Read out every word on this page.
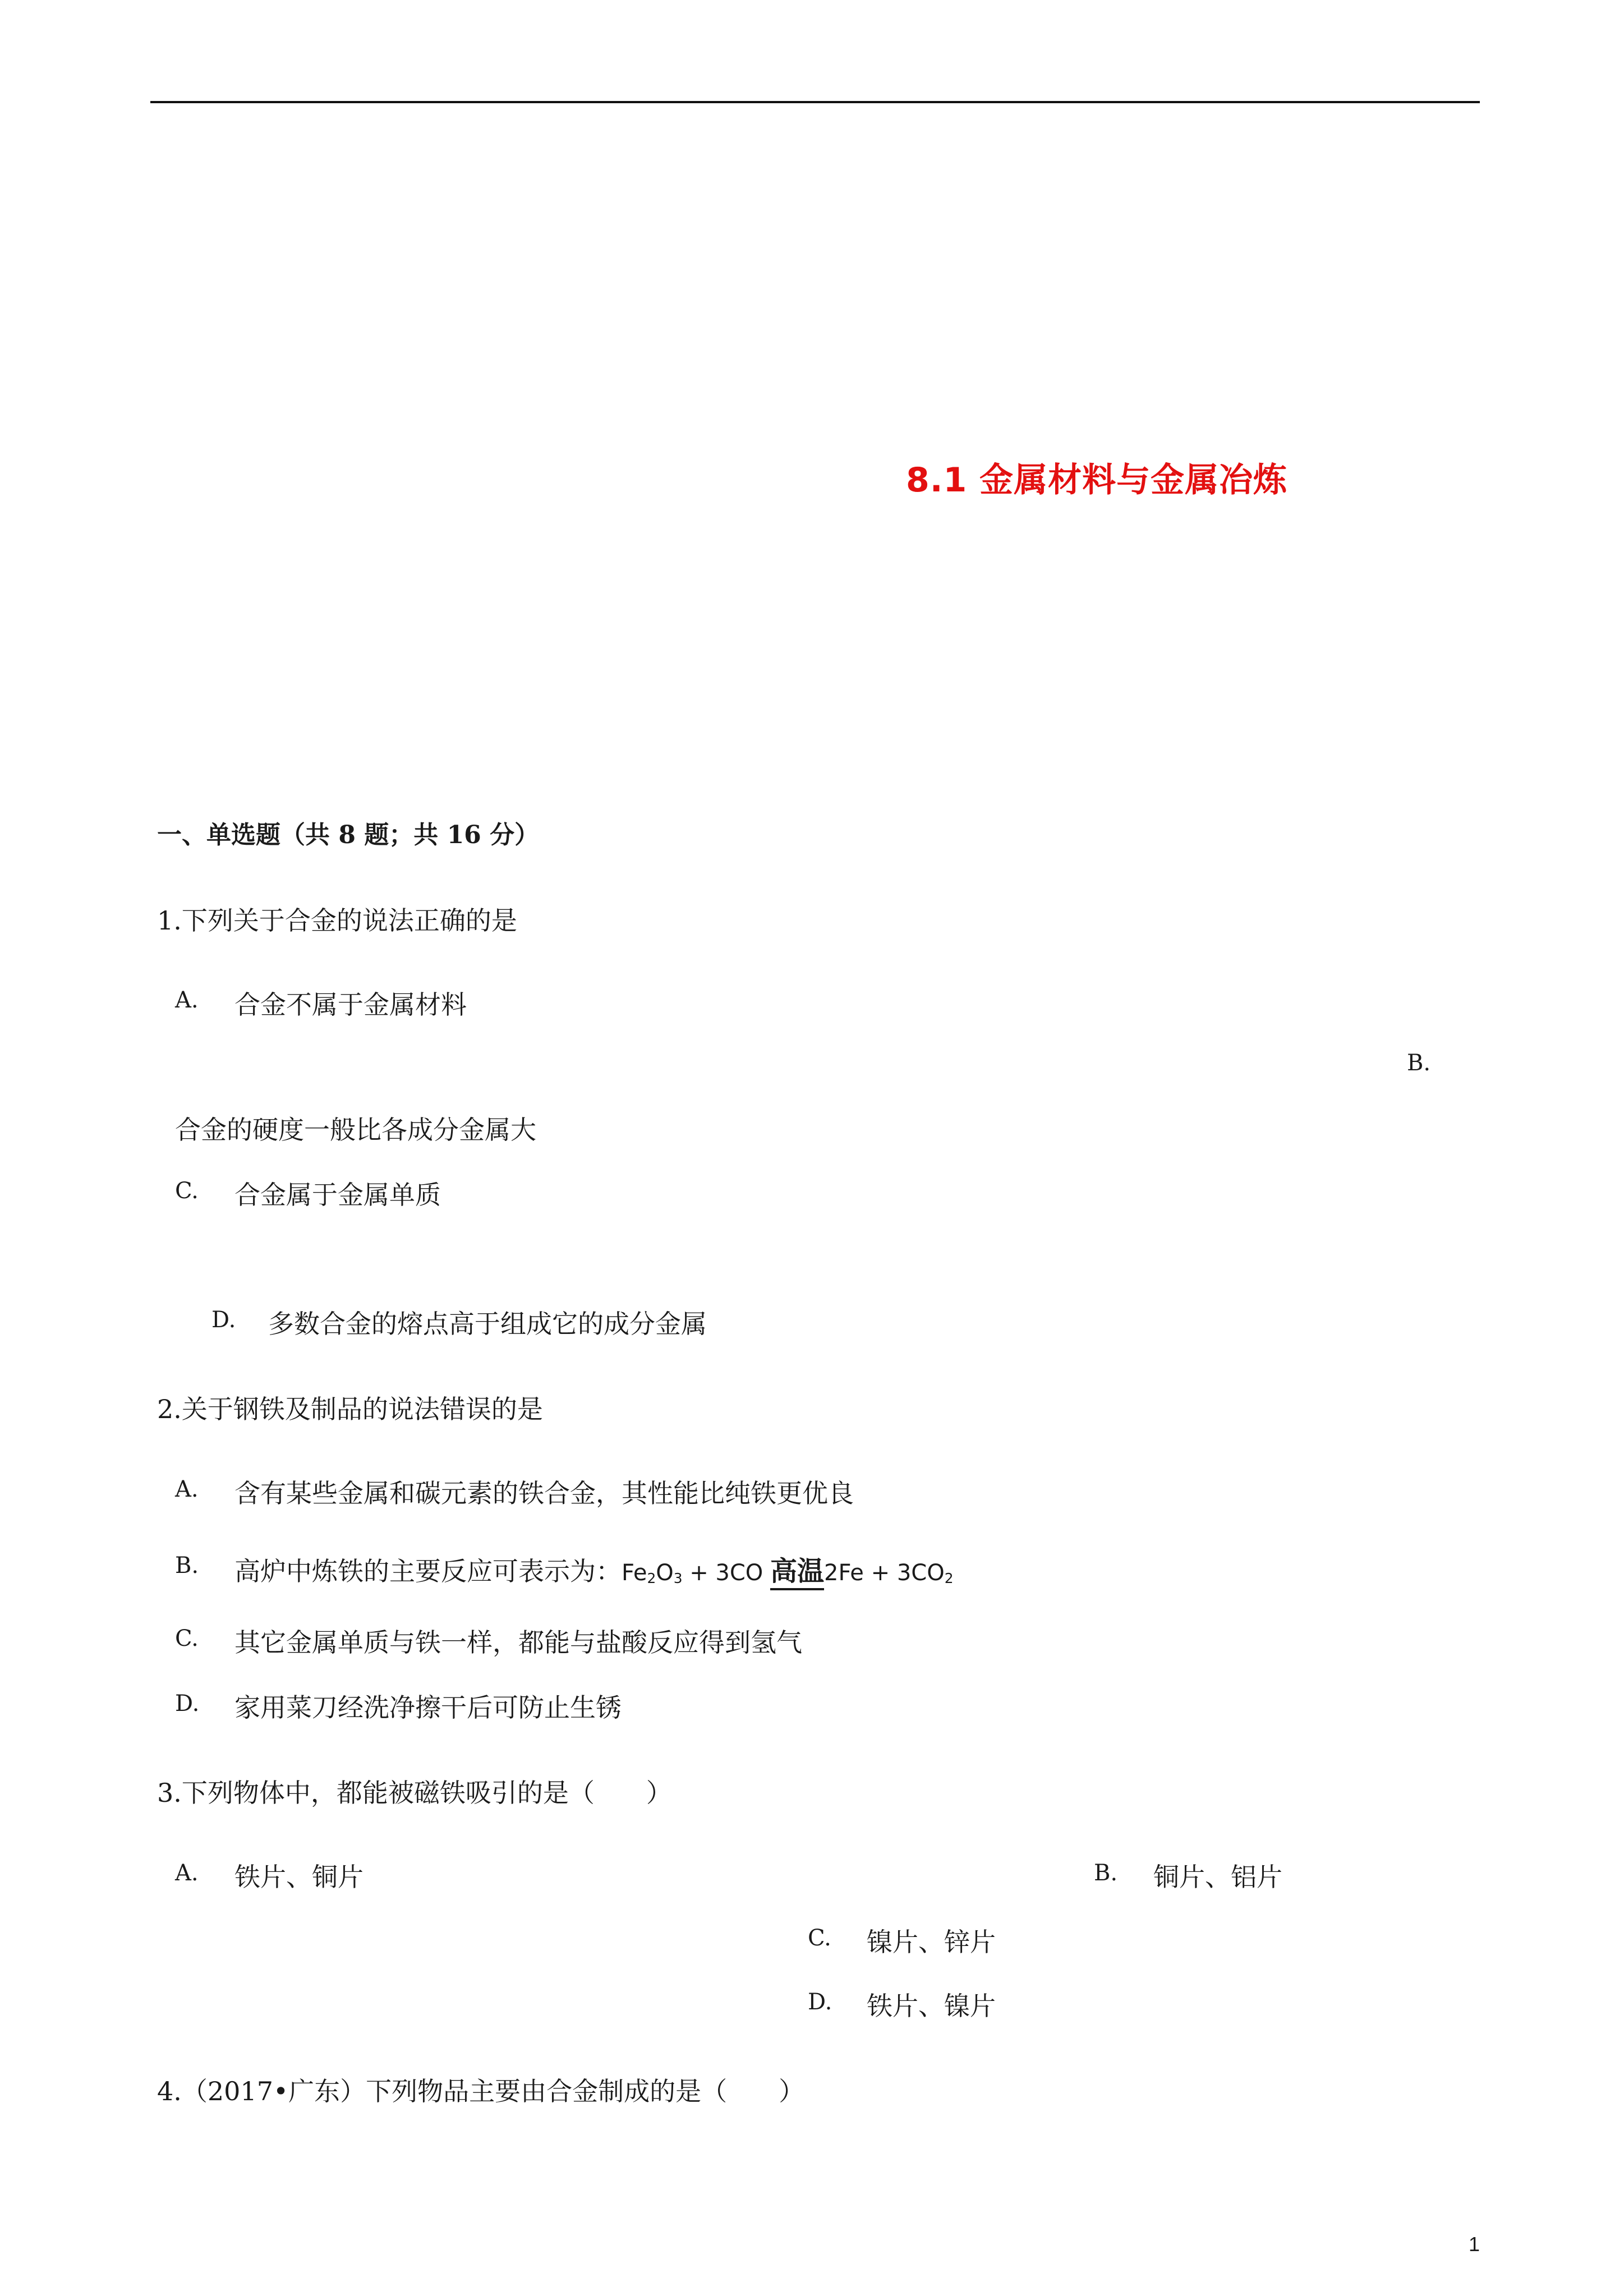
8.1 金属材料与金属冶炼
一、单选题（共 8 题；共 16 分）
1.下列关于合金的说法正确的是
A. 合金不属于金属材料
B.
合金的硬度一般比各成分金属大
C. 合金属于金属单质
D. 多数合金的熔点高于组成它的成分金属
2.关于钢铁及制品的说法错误的是
A. 含有某些金属和碳元素的铁合金，其性能比纯铁更优良
B. 高炉中炼铁的主要反应可表示为：$Fe_2O_3 + 3CO$ 高温$2Fe + 3CO_2$
C. 其它金属单质与铁一样，都能与盐酸反应得到氢气
D. 家用菜刀经洗净擦干后可防止生锈
3.下列物体中，都能被磁铁吸引的是（　　）
A. 铁片、铜片	B. 铜片、铝片
C. 镍片、锌片
D. 铁片、镍片
4.（2017•广东）下列物品主要由合金制成的是（　　）
1
